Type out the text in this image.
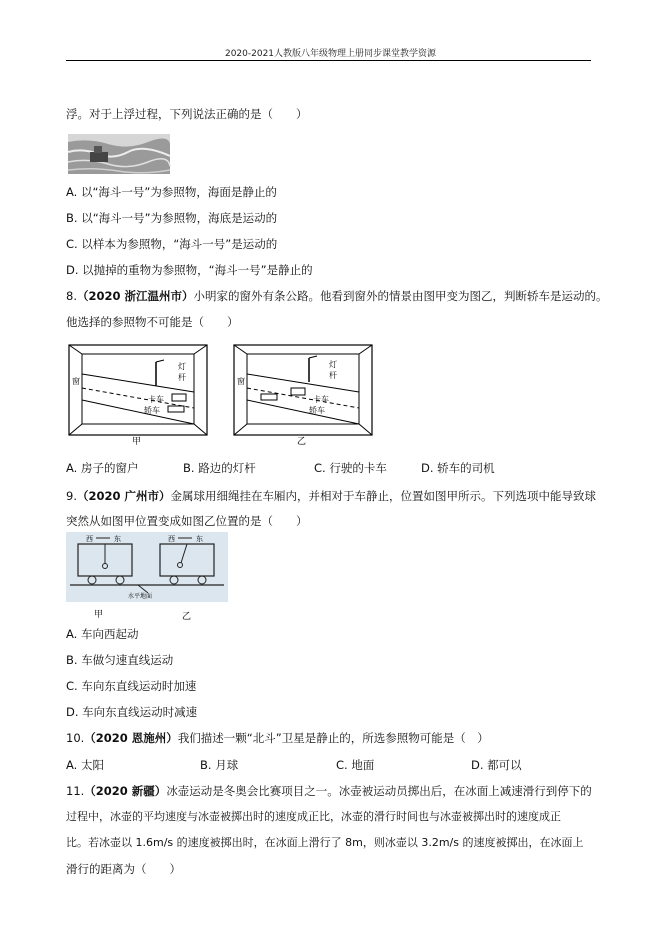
2020-2021人教版八年级物理上册同步课堂教学资源
浮。对于上浮过程，下列说法正确的是（　　）
A. 以“海斗一号”为参照物，海面是静止的
B. 以“海斗一号”为参照物，海底是运动的
C. 以样本为参照物，“海斗一号”是运动的
D. 以抛掉的重物为参照物，“海斗一号”是静止的
8.（2020 浙江温州市）小明家的窗外有条公路。他看到窗外的情景由图甲变为图乙，判断轿车是运动的。
他选择的参照物不可能是（　　）
窗
灯
杆
卡车
轿车
甲
窗
灯
杆
卡车
轿车
乙
A. 房子的窗户	B. 路边的灯杆	C. 行驶的卡车	D. 轿车的司机
9.（2020 广州市）金属球用细绳挂在车厢内，并相对于车静止，位置如图甲所示。下列选项中能导致球
突然从如图甲位置变成如图乙位置的是（　　）
西	东	西	东
水平地面
甲	乙
A. 车向西起动
B. 车做匀速直线运动
C. 车向东直线运动时加速
D. 车向东直线运动时减速
10.（2020 恩施州）我们描述一颗“北斗”卫星是静止的，所选参照物可能是（　）
A. 太阳	B. 月球	C. 地面	D. 都可以
11.（2020 新疆）冰壶运动是冬奥会比赛项目之一。冰壶被运动员掷出后，在冰面上减速滑行到停下的
过程中，冰壶的平均速度与冰壶被掷出时的速度成正比，冰壶的滑行时间也与冰壶被掷出时的速度成正
比。若冰壶以 1.6m/s 的速度被掷出时，在冰面上滑行了 8m，则冰壶以 3.2m/s 的速度被掷出，在冰面上
滑行的距离为（　　）
